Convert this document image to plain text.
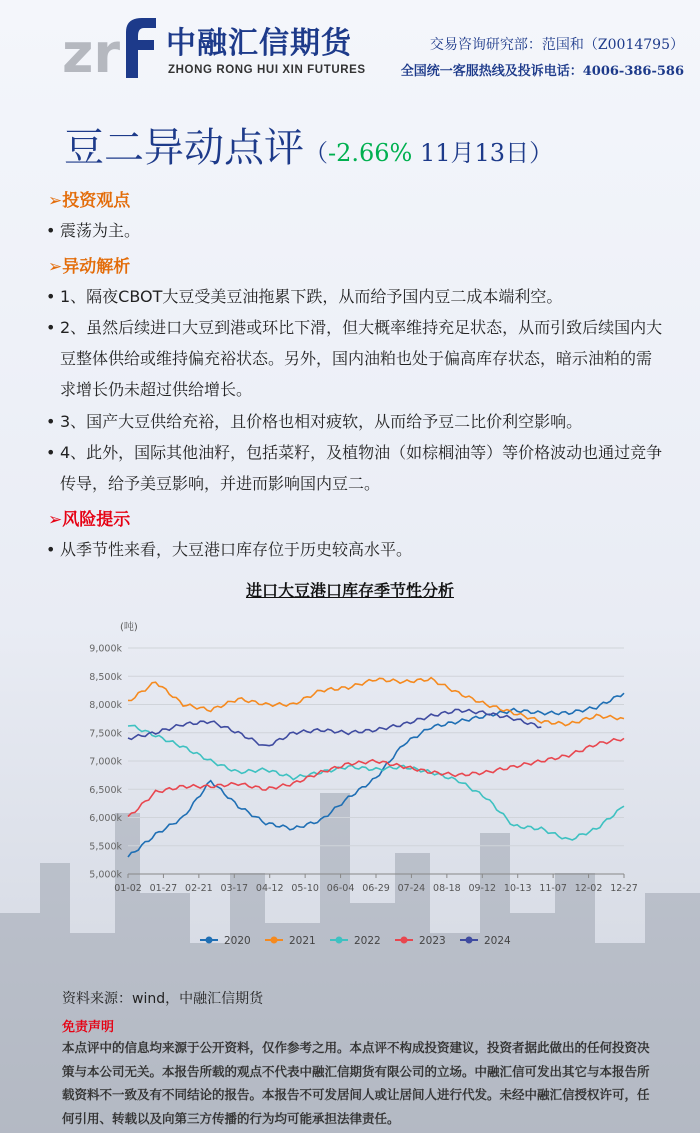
zr 中融汇信期货
ZHONG RONG HUI XIN FUTURES
交易咨询研究部：范国和（Z0014795）
全国统一客服热线及投诉电话：4006-386-586
豆二异动点评（-2.66% 11月13日）
➢投资观点
• 震荡为主。
➢异动解析
• 1、隔夜CBOT大豆受美豆油拖累下跌，从而给予国内豆二成本端利空。
• 2、虽然后续进口大豆到港或环比下滑，但大概率维持充足状态，从而引致后续国内大豆整体供给或维持偏充裕状态。另外，国内油粕也处于偏高库存状态，暗示油粕的需求增长仍未超过供给增长。
• 3、国产大豆供给充裕，且价格也相对疲软，从而给予豆二比价利空影响。
• 4、此外，国际其他油籽，包括菜籽，及植物油（如棕榈油等）等价格波动也通过竞争传导，给予美豆影响，并进而影响国内豆二。
➢风险提示
• 从季节性来看，大豆港口库存位于历史较高水平。
进口大豆港口库存季节性分析
(吨)
5,000k
5,500k
6,000k
6,500k
7,000k
7,500k
8,000k
8,500k
9,000k
01-02 01-27 02-21 03-17 04-12 05-10 06-04 06-29 07-24 08-18 09-12 10-13 11-07 12-02 12-27
2020	2021	2022	2023	2024
资料来源：wind，中融汇信期货
免责声明
本点评中的信息均来源于公开资料，仅作参考之用。本点评不构成投资建议，投资者据此做出的任何投资决策与本公司无关。本报告所载的观点不代表中融汇信期货有限公司的立场。中融汇信可发出其它与本报告所载资料不一致及有不同结论的报告。本报告不可发居间人或让居间人进行代发。未经中融汇信授权许可，任何引用、转载以及向第三方传播的行为均可能承担法律责任。
